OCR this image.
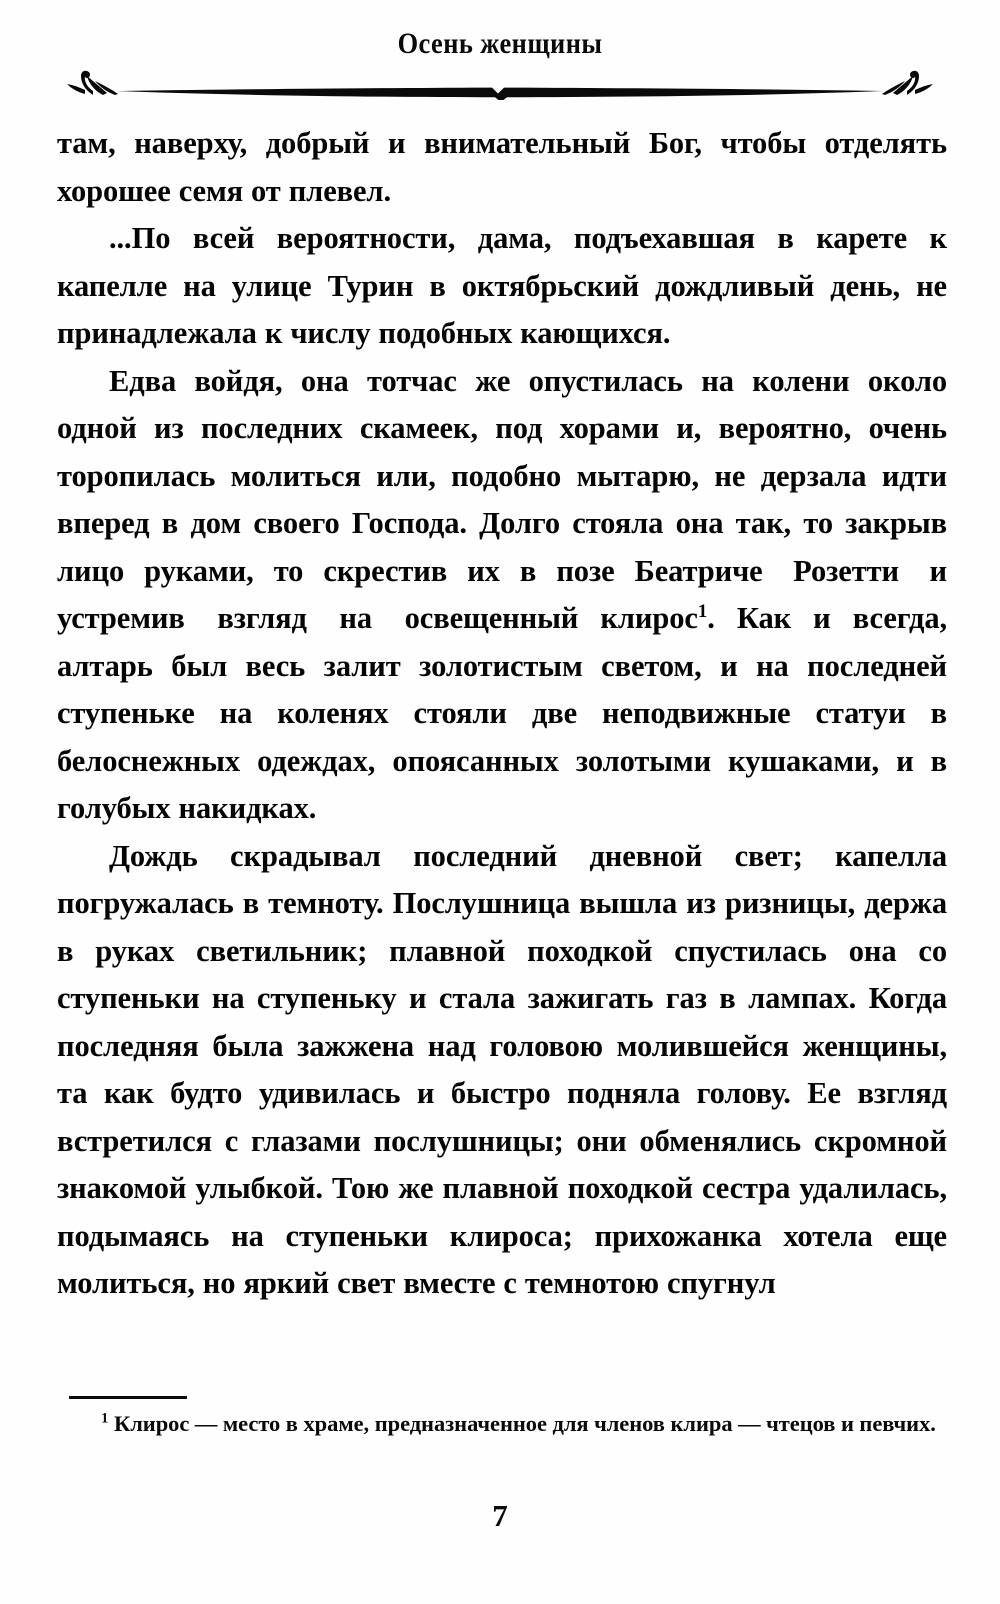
Осень женщины

там, наверху, добрый и внимательный Бог, чтобы отделять хорошее семя от плевел.

...По всей вероятности, дама, подъехавшая в карете к капелле на улице Турин в октябрьский дождливый день, не принадлежала к числу подобных кающихся.

Едва войдя, она тотчас же опустилась на колени около одной из последних скамеек, под хорами и, вероятно, очень торопилась молиться или, подобно мытарю, не дерзала идти вперед в дом своего Господа. Долго стояла она так, то закрыв лицо руками, то скрестив их в позе Беатриче Розетти и устремив взгляд на освещенный клирос$^1$. Как и всегда, алтарь был весь залит золотистым светом, и на последней ступеньке на коленях стояли две неподвижные статуи в белоснежных одеждах, опоясанных золотыми кушаками, и в голубых накидках.

Дождь скрадывал последний дневной свет; капелла погружалась в темноту. Послушница вышла из ризницы, держа в руках светильник; плавной походкой спустилась она со ступеньки на ступеньку и стала зажигать газ в лампах. Когда последняя была зажжена над головою молившейся женщины, та как будто удивилась и быстро подняла голову. Ее взгляд встретился с глазами послушницы; они обменялись скромной знакомой улыбкой. Тою же плавной походкой сестра удалилась, подымаясь на ступеньки клироса; прихожанка хотела еще молиться, но яркий свет вместе с темнотою спугнул

$^1$ Клирос — место в храме, предназначенное для членов клира — чтецов и певчих.

7
